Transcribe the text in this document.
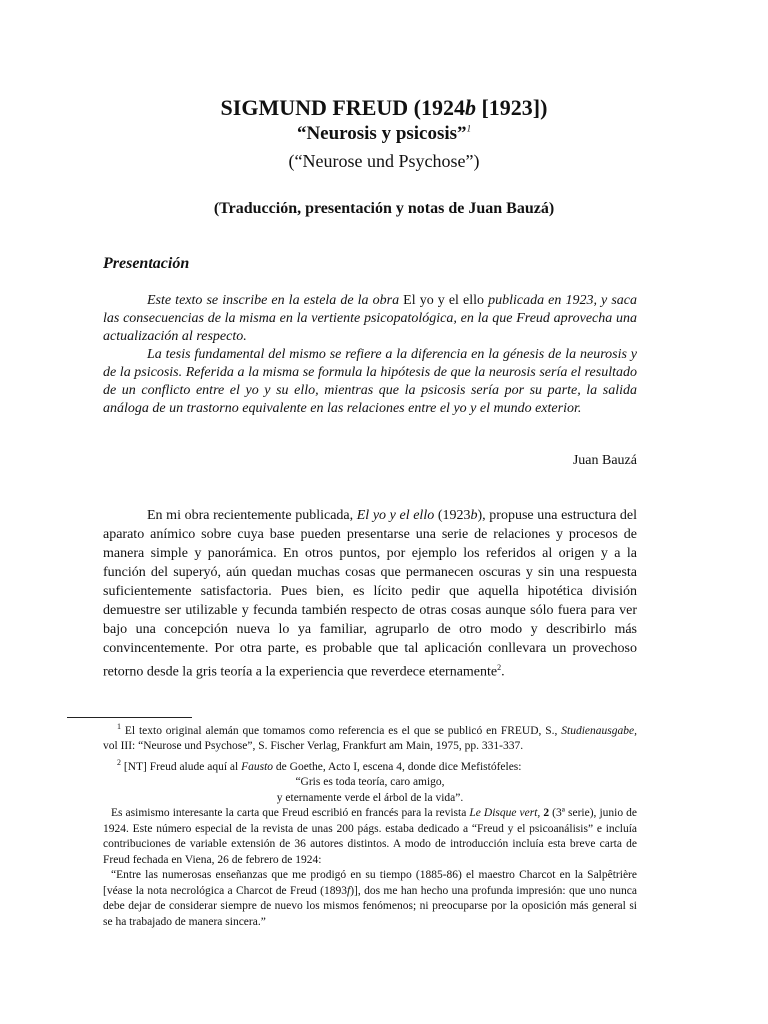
SIGMUND FREUD (1924b [1923])
“Neurosis y psicosis”$^1$
(“Neurose und Psychose”)
(Traducción, presentación y notas de Juan Bauzá)
Presentación

Este texto se inscribe en la estela de la obra El yo y el ello publicada en 1923, y saca las consecuencias de la misma en la vertiente psicopatológica, en la que Freud aprovecha una actualización al respecto.

La tesis fundamental del mismo se refiere a la diferencia en la génesis de la neurosis y de la psicosis. Referida a la misma se formula la hipótesis de que la neurosis sería el resultado de un conflicto entre el yo y su ello, mientras que la psicosis sería por su parte, la salida análoga de un trastorno equivalente en las relaciones entre el yo y el mundo exterior.

Juan Bauzá

En mi obra recientemente publicada, El yo y el ello (1923b), propuse una estructura del aparato anímico sobre cuya base pueden presentarse una serie de relaciones y procesos de manera simple y panorámica. En otros puntos, por ejemplo los referidos al origen y a la función del superyó, aún quedan muchas cosas que permanecen oscuras y sin una respuesta suficientemente satisfactoria. Pues bien, es lícito pedir que aquella hipotética división demuestre ser utilizable y fecunda también respecto de otras cosas aunque sólo fuera para ver bajo una concepción nueva lo ya familiar, agruparlo de otro modo y describirlo más convincentemente. Por otra parte, es probable que tal aplicación conllevara un provechoso retorno desde la gris teoría a la experiencia que reverdece eternamente$^2$.

$^1$ El texto original alemán que tomamos como referencia es el que se publicó en FREUD, S., Studienausgabe, vol III: “Neurose und Psychose”, S. Fischer Verlag, Frankfurt am Main, 1975, pp. 331-337.

$^2$ [NT] Freud alude aquí al Fausto de Goethe, Acto I, escena 4, donde dice Mefistófeles:

“Gris es toda teoría, caro amigo,

y eternamente verde el árbol de la vida”.

Es asimismo interesante la carta que Freud escribió en francés para la revista Le Disque vert, 2 (3ª serie), junio de 1924. Este número especial de la revista de unas 200 págs. estaba dedicado a “Freud y el psicoanálisis” e incluía contribuciones de variable extensión de 36 autores distintos. A modo de introducción incluía esta breve carta de Freud fechada en Viena, 26 de febrero de 1924:

“Entre las numerosas enseñanzas que me prodigó en su tiempo (1885-86) el maestro Charcot en la Salpêtrière [véase la nota necrológica a Charcot de Freud (1893f)], dos me han hecho una profunda impresión: que uno nunca debe dejar de considerar siempre de nuevo los mismos fenómenos; ni preocuparse por la oposición más general si se ha trabajado de manera sincera.”
